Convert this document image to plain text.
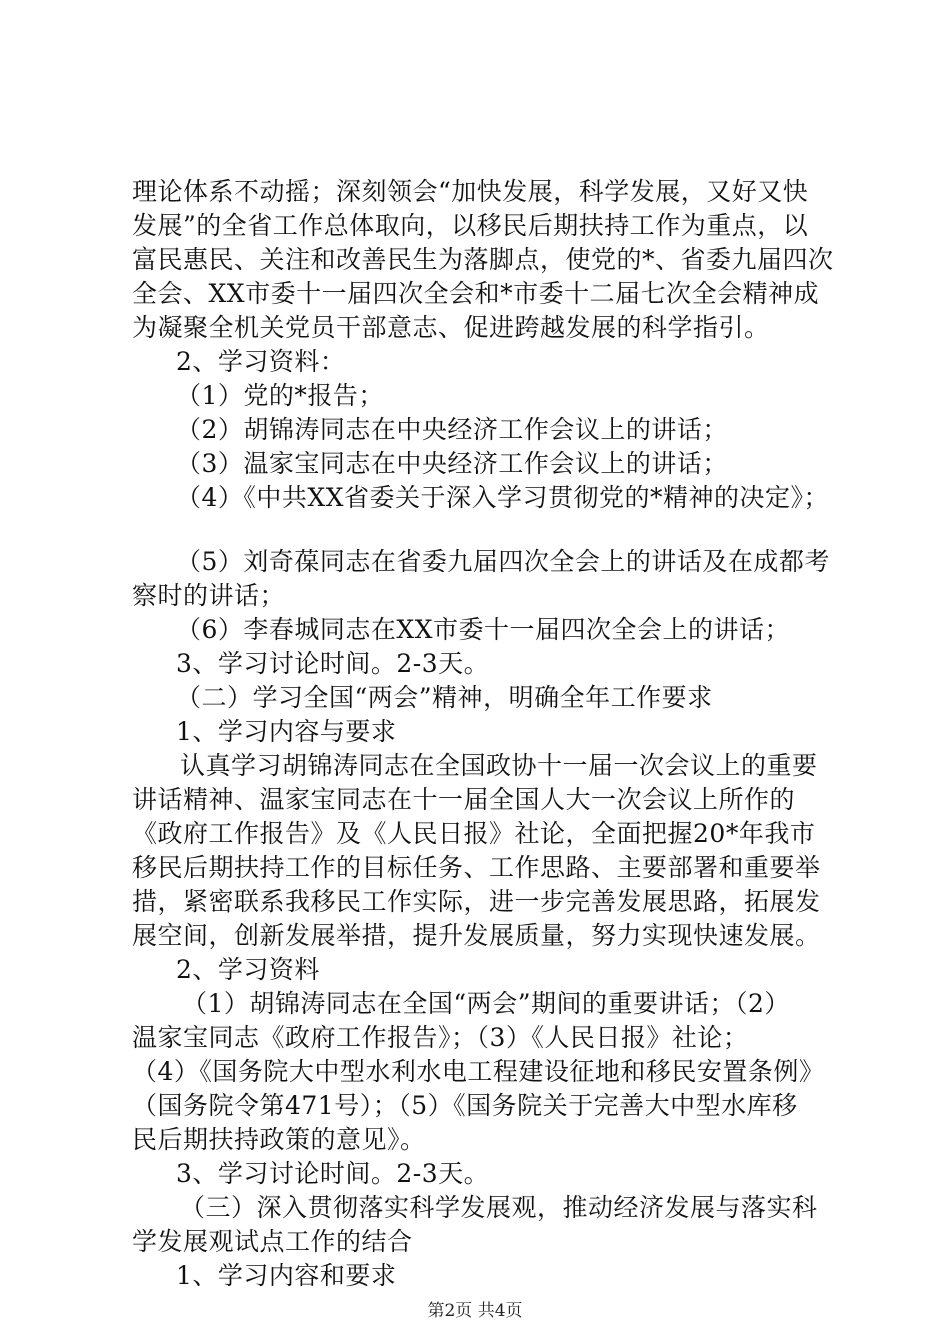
理论体系不动摇；深刻领会“加快发展，科学发展，又好又快
发展”的全省工作总体取向，以移民后期扶持工作为重点，以
富民惠民、关注和改善民生为落脚点，使党的*、省委九届四次
全会、XX市委十一届四次全会和*市委十二届七次全会精神成
为凝聚全机关党员干部意志、促进跨越发展的科学指引。
2、学习资料：
（1）党的*报告；
（2）胡锦涛同志在中央经济工作会议上的讲话；
（3）温家宝同志在中央经济工作会议上的讲话；
（4）《中共XX省委关于深入学习贯彻党的*精神的决定》；
（5）刘奇葆同志在省委九届四次全会上的讲话及在成都考
察时的讲话；
（6）李春城同志在XX市委十一届四次全会上的讲话；
3、学习讨论时间。2-3天。
（二）学习全国“两会”精神，明确全年工作要求
1、学习内容与要求
认真学习胡锦涛同志在全国政协十一届一次会议上的重要
讲话精神、温家宝同志在十一届全国人大一次会议上所作的
《政府工作报告》及《人民日报》社论，全面把握20*年我市
移民后期扶持工作的目标任务、工作思路、主要部署和重要举
措，紧密联系我移民工作实际，进一步完善发展思路，拓展发
展空间，创新发展举措，提升发展质量，努力实现快速发展。
2、学习资料
（1）胡锦涛同志在全国“两会”期间的重要讲话；（2）
温家宝同志《政府工作报告》；（3）《人民日报》社论；
（4）《国务院大中型水利水电工程建设征地和移民安置条例》
（国务院令第471号）；（5）《国务院关于完善大中型水库移
民后期扶持政策的意见》。
3、学习讨论时间。2-3天。
（三）深入贯彻落实科学发展观，推动经济发展与落实科
学发展观试点工作的结合
1、学习内容和要求
第2页 共4页
